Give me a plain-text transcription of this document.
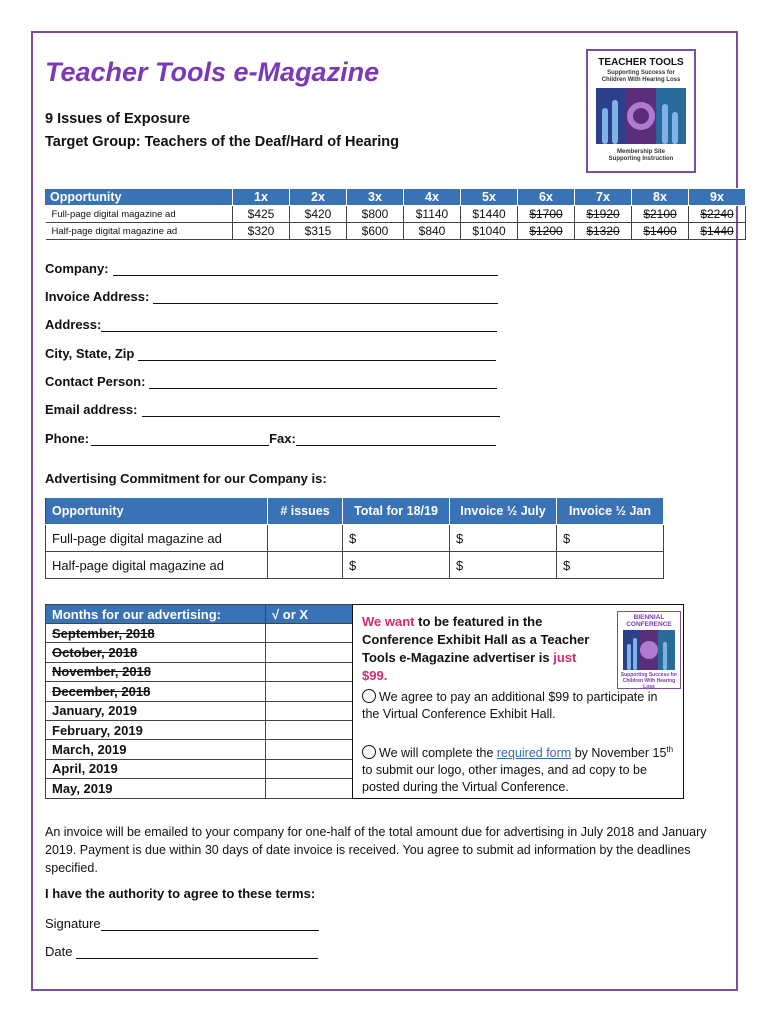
Teacher Tools e-Magazine
9 Issues of Exposure
Target Group: Teachers of the Deaf/Hard of Hearing
TEACHER TOOLS
Supporting Success for
Children With Hearing Loss
Membership Site
Supporting Instruction
Opportunity	1x	2x	3x	4x	5x	6x	7x	8x	9x
Full-page digital magazine ad	$425	$420	$800	$1140	$1440	$1700	$1920	$2100	$2240
Half-page digital magazine ad	$320	$315	$600	$840	$1040	$1200	$1320	$1400	$1440
Company:
Invoice Address:
Address:
City, State, Zip
Contact Person:
Email address:
Phone:	Fax:
Advertising Commitment for our Company is:
Opportunity	# issues	Total for 18/19	Invoice ½ July	Invoice ½ Jan
Full-page digital magazine ad		$	$	$
Half-page digital magazine ad		$	$	$
Months for our advertising:	√ or X
September, 2018	
October, 2018	
November, 2018	
December, 2018	
January, 2019	
February, 2019	
March, 2019	
April, 2019	
May, 2019	
We want to be featured in the Conference Exhibit Hall as a Teacher Tools e-Magazine advertiser is just $99.
BIENNIAL
CONFERENCE
Supporting Success for
Children With Hearing Loss
We agree to pay an additional $99 to participate in the Virtual Conference Exhibit Hall.
We will complete the required form by November 15th to submit our logo, other images, and ad copy to be posted during the Virtual Conference.
An invoice will be emailed to your company for one-half of the total amount due for advertising in July 2018 and January 2019. Payment is due within 30 days of date invoice is received. You agree to submit ad information by the deadlines specified.
I have the authority to agree to these terms:
Signature
Date
